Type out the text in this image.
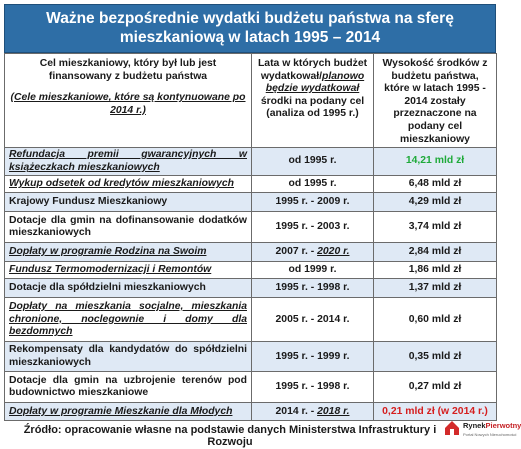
Ważne bezpośrednie wydatki budżetu państwa na sferę mieszkaniową w latach 1995 – 2014
Cel mieszkaniowy, który był lub jest finansowany z budżetu państwa
(Cele mieszkaniowe, które są kontynuowane po 2014 r.)	Lata w których budżet wydatkował/planowo będzie wydatkował środki na podany cel (analiza od 1995 r.)	Wysokość środków z budżetu państwa, które w latach 1995 - 2014 zostały przeznaczone na podany cel mieszkaniowy
Refundacja premii gwarancyjnych w książeczkach mieszkaniowych	od 1995 r.	14,21 mld zł
Wykup odsetek od kredytów mieszkaniowych	od 1995 r.	6,48 mld zł
Krajowy Fundusz Mieszkaniowy	1995 r. - 2009 r.	4,29 mld zł
Dotacje dla gmin na dofinansowanie dodatków mieszkaniowych	1995 r. - 2003 r.	3,74 mld zł
Dopłaty w programie Rodzina na Swoim	2007 r. - 2020 r.	2,84 mld zł
Fundusz Termomodernizacji i Remontów	od 1999 r.	1,86 mld zł
Dotacje dla spółdzielni mieszkaniowych	1995 r. - 1998 r.	1,37 mld zł
Dopłaty na mieszkania socjalne, mieszkania chronione, noclegownie i domy dla bezdomnych	2005 r. - 2014 r.	0,60 mld zł
Rekompensaty dla kandydatów do spółdzielni mieszkaniowych	1995 r. - 1999 r.	0,35 mld zł
Dotacje dla gmin na uzbrojenie terenów pod budownictwo mieszkaniowe	1995 r. - 1998 r.	0,27 mld zł
Dopłaty w programie Mieszkanie dla Młodych	2014 r. - 2018 r.	0,21 mld zł (w 2014 r.)
Źródło: opracowanie własne na podstawie danych Ministerstwa Infrastruktury i Rozwoju
RynekPierwotny
Portal Nowych Nieruchomości
